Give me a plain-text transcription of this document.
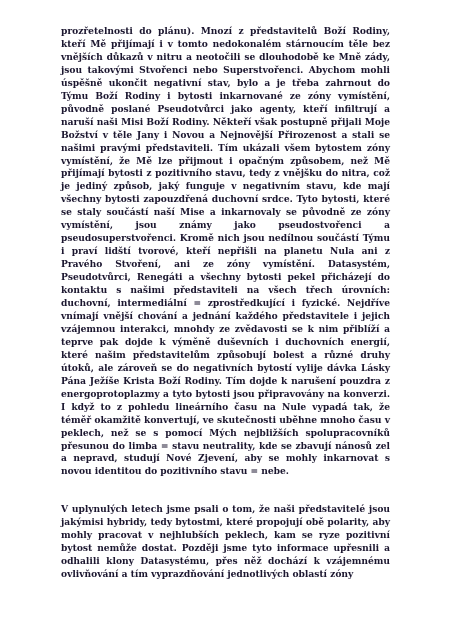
prozřetelnosti do plánu). Mnozí z představitelů Boží Rodiny, kteří Mě přijímají i v tomto nedokonalém stárnoucím těle bez vnějších důkazů v nitru a neotočili se dlouhodobě ke Mně zády, jsou takovými Stvořenci nebo Superstvořenci. Abychom mohli úspěšně ukončit negativní stav, bylo a je třeba zahrnout do Týmu Boží Rodiny i bytosti inkarnované ze zóny vymístění, původně poslané Pseudotvůrci jako agenty, kteří infiltrují a naruší naši Misi Boží Rodiny. Někteří však postupně přijali Moje Božství v těle Jany i Novou a Nejnovější Přirozenost a stali se našimi pravými představiteli. Tím ukázali všem bytostem zóny vymístění, že Mě lze přijmout i opačným způsobem, než Mě přijímají bytosti z pozitivního stavu, tedy z vnějšku do nitra, což je jediný způsob, jaký funguje v negativním stavu, kde mají všechny bytosti zapouzdřená duchovní srdce. Tyto bytosti, které se staly součástí naší Mise a inkarnovaly se původně ze zóny vymístění, jsou známy jako pseudostvořenci a pseudosuperstvořenci. Kromě nich jsou nedílnou součástí Týmu i praví lidští tvorové, kteří nepřišli na planetu Nula ani z Pravého Stvoření, ani ze zóny vymístění. Datasystém, Pseudotvůrci, Renegáti a všechny bytosti pekel přicházejí do kontaktu s našimi představiteli na všech třech úrovních: duchovní, intermediální = zprostředkující i fyzické. Nejdříve vnímají vnější chování a jednání každého představitele i jejich vzájemnou interakci, mnohdy ze zvědavosti se k nim přiblíží a teprve pak dojde k výměně duševních i duchovních energií, které našim představitelům způsobují bolest a různé druhy útoků, ale zároveň se do negativních bytostí vylije dávka Lásky Pána Ježíše Krista Boží Rodiny. Tím dojde k narušení pouzdra z energoprotoplazmy a tyto bytosti jsou připravovány na konverzi. I když to z pohledu lineárního času na Nule vypadá tak, že téměř okamžitě konvertují, ve skutečnosti uběhne mnoho času v peklech, než se s pomocí Mých nejbližších spolupracovníků přesunou do limba = stavu neutrality, kde se zbavují nánosů zel a nepravd, studují Nové Zjevení, aby se mohly inkarnovat s novou identitou do pozitivního stavu = nebe.

V uplynulých letech jsme psali o tom, že naši představitelé jsou jakýmisi hybridy, tedy bytostmi, které propojují obě polarity, aby mohly pracovat v nejhlubších peklech, kam se ryze pozitivní bytost nemůže dostat. Později jsme tyto informace upřesnili a odhalili klony Datasystému, přes něž dochází k vzájemnému ovlivňování a tím vyprazdňování jednotlivých oblastí zóny
